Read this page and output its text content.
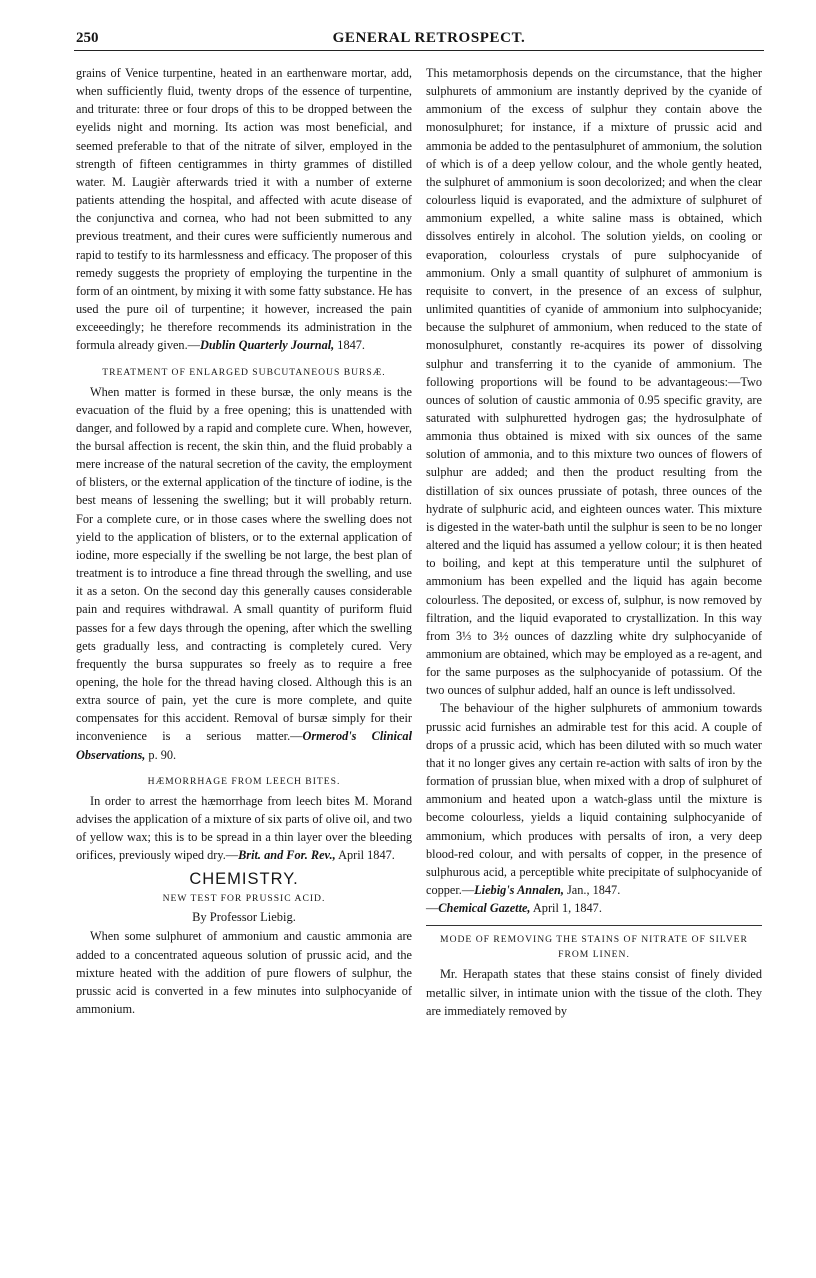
250	GENERAL RETROSPECT.

grains of Venice turpentine, heated in an earthenware mortar, add, when sufficiently fluid, twenty drops of the essence of turpentine, and triturate: three or four drops of this to be dropped between the eyelids night and morning. Its action was most beneficial, and seemed preferable to that of the nitrate of silver, employed in the strength of fifteen centigrammes in thirty grammes of distilled water. M. Laugièr afterwards tried it with a number of externe patients attending the hospital, and affected with acute disease of the conjunctiva and cornea, who had not been submitted to any previous treatment, and their cures were sufficiently numerous and rapid to testify to its harmlessness and efficacy. The proposer of this remedy suggests the propriety of employing the turpentine in the form of an ointment, by mixing it with some fatty substance. He has used the pure oil of turpentine; it however, increased the pain exceeedingly; he therefore recommends its administration in the formula already given.—Dublin Quarterly Journal, 1847.

TREATMENT OF ENLARGED SUBCUTANEOUS BURSÆ.

When matter is formed in these bursæ, the only means is the evacuation of the fluid by a free opening; this is unattended with danger, and followed by a rapid and complete cure. When, however, the bursal affection is recent, the skin thin, and the fluid probably a mere increase of the natural secretion of the cavity, the employment of blisters, or the external application of the tincture of iodine, is the best means of lessening the swelling; but it will probably return. For a complete cure, or in those cases where the swelling does not yield to the application of blisters, or to the external application of iodine, more especially if the swelling be not large, the best plan of treatment is to introduce a fine thread through the swelling, and use it as a seton. On the second day this generally causes considerable pain and requires withdrawal. A small quantity of puriform fluid passes for a few days through the opening, after which the swelling gets gradually less, and contracting is completely cured. Very frequently the bursa suppurates so freely as to require a free opening, the hole for the thread having closed. Although this is an extra source of pain, yet the cure is more complete, and quite compensates for this accident. Removal of bursæ simply for their inconvenience is a serious matter.—Ormerod's Clinical Observations, p. 90.

HÆMORRHAGE FROM LEECH BITES.

In order to arrest the hæmorrhage from leech bites M. Morand advises the application of a mixture of six parts of olive oil, and two of yellow wax; this is to be spread in a thin layer over the bleeding orifices, previously wiped dry.—Brit. and For. Rev., April 1847.

CHEMISTRY.
NEW TEST FOR PRUSSIC ACID.
By Professor Liebig.

When some sulphuret of ammonium and caustic ammonia are added to a concentrated aqueous solution of prussic acid, and the mixture heated with the addition of pure flowers of sulphur, the prussic acid is converted in a few minutes into sulphocyanide of ammonium.

This metamorphosis depends on the circumstance, that the higher sulphurets of ammonium are instantly deprived by the cyanide of ammonium of the excess of sulphur they contain above the monosulphuret; for instance, if a mixture of prussic acid and ammonia be added to the pentasulphuret of ammonium, the solution of which is of a deep yellow colour, and the whole gently heated, the sulphuret of ammonium is soon decolorized; and when the clear colourless liquid is evaporated, and the admixture of sulphuret of ammonium expelled, a white saline mass is obtained, which dissolves entirely in alcohol. The solution yields, on cooling or evaporation, colourless crystals of pure sulphocyanide of ammonium. Only a small quantity of sulphuret of ammonium is requisite to convert, in the presence of an excess of sulphur, unlimited quantities of cyanide of ammonium into sulphocyanide; because the sulphuret of ammonium, when reduced to the state of monosulphuret, constantly re-acquires its power of dissolving sulphur and transferring it to the cyanide of ammonium. The following proportions will be found to be advantageous:—Two ounces of solution of caustic ammonia of 0.95 specific gravity, are saturated with sulphuretted hydrogen gas; the hydrosulphate of ammonia thus obtained is mixed with six ounces of the same solution of ammonia, and to this mixture two ounces of flowers of sulphur are added; and then the product resulting from the distillation of six ounces prussiate of potash, three ounces of the hydrate of sulphuric acid, and eighteen ounces water. This mixture is digested in the water-bath until the sulphur is seen to be no longer altered and the liquid has assumed a yellow colour; it is then heated to boiling, and kept at this temperature until the sulphuret of ammonium has been expelled and the liquid has again become colourless. The deposited, or excess of, sulphur, is now removed by filtration, and the liquid evaporated to crystallization. In this way from 3⅓ to 3½ ounces of dazzling white dry sulphocyanide of ammonium are obtained, which may be employed as a re-agent, and for the same purposes as the sulphocyanide of potassium. Of the two ounces of sulphur added, half an ounce is left undissolved.

The behaviour of the higher sulphurets of ammonium towards prussic acid furnishes an admirable test for this acid. A couple of drops of a prussic acid, which has been diluted with so much water that it no longer gives any certain re-action with salts of iron by the formation of prussian blue, when mixed with a drop of sulphuret of ammonium and heated upon a watch-glass until the mixture is become colourless, yields a liquid containing sulphocyanide of ammonium, which produces with persalts of iron, a very deep blood-red colour, and with persalts of copper, in the presence of sulphurous acid, a perceptible white precipitate of sulphocyanide of copper.—Liebig's Annalen, Jan., 1847.
—Chemical Gazette, April 1, 1847.

MODE OF REMOVING THE STAINS OF NITRATE OF SILVER FROM LINEN.

Mr. Herapath states that these stains consist of finely divided metallic silver, in intimate union with the tissue of the cloth. They are immediately removed by
